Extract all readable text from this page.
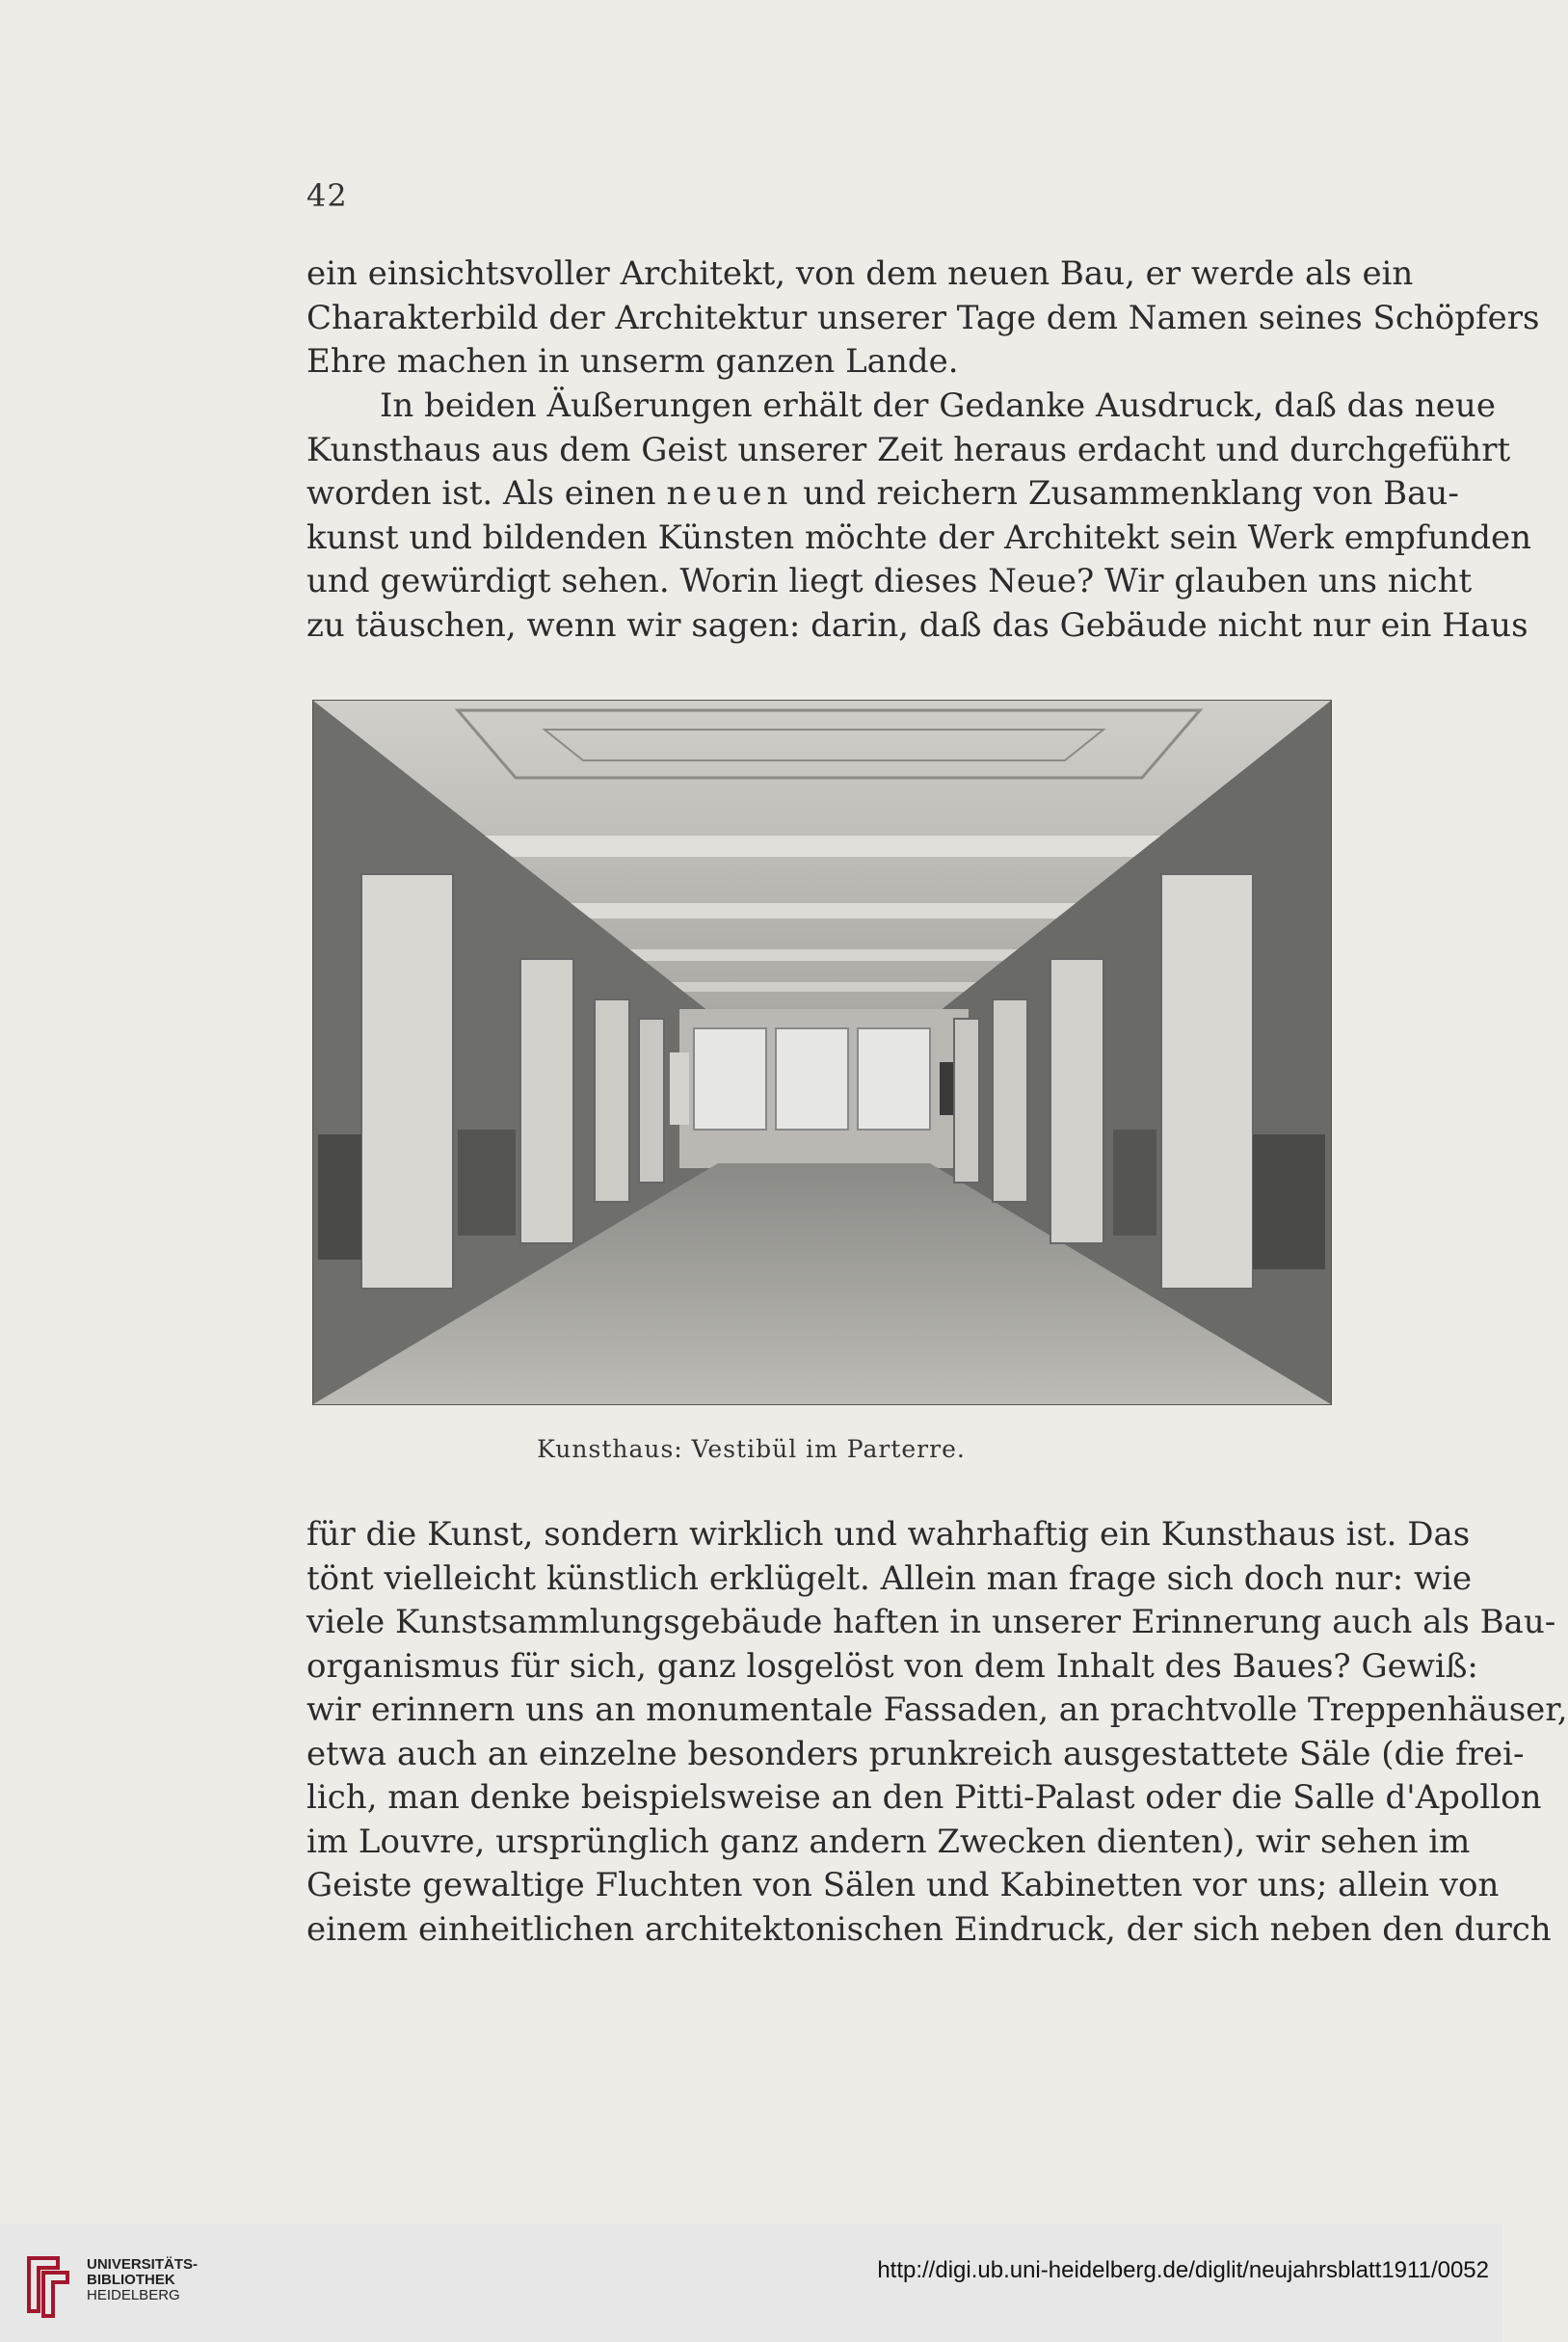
42
ein einsichtsvoller Architekt, von dem neuen Bau, er werde als ein
Charakterbild der Architektur unserer Tage dem Namen seines Schöpfers
Ehre machen in unserm ganzen Lande.
In beiden Äußerungen erhält der Gedanke Ausdruck, daß das neue
Kunsthaus aus dem Geist unserer Zeit heraus erdacht und durchgeführt
worden ist. Als einen neuen und reichern Zusammenklang von Bau-
kunst und bildenden Künsten möchte der Architekt sein Werk empfunden
und gewürdigt sehen. Worin liegt dieses Neue? Wir glauben uns nicht
zu täuschen, wenn wir sagen: darin, daß das Gebäude nicht nur ein Haus
Kunsthaus: Vestibül im Parterre.
für die Kunst, sondern wirklich und wahrhaftig ein Kunsthaus ist. Das
tönt vielleicht künstlich erklügelt. Allein man frage sich doch nur: wie
viele Kunstsammlungsgebäude haften in unserer Erinnerung auch als Bau-
organismus für sich, ganz losgelöst von dem Inhalt des Baues? Gewiß:
wir erinnern uns an monumentale Fassaden, an prachtvolle Treppenhäuser,
etwa auch an einzelne besonders prunkreich ausgestattete Säle (die frei-
lich, man denke beispielsweise an den Pitti-Palast oder die Salle d'Apollon
im Louvre, ursprünglich ganz andern Zwecken dienten), wir sehen im
Geiste gewaltige Fluchten von Sälen und Kabinetten vor uns; allein von
einem einheitlichen architektonischen Eindruck, der sich neben den durch
UNIVERSITÄTS-
BIBLIOTHEK
HEIDELBERG
http://digi.ub.uni-heidelberg.de/diglit/neujahrsblatt1911/0052
